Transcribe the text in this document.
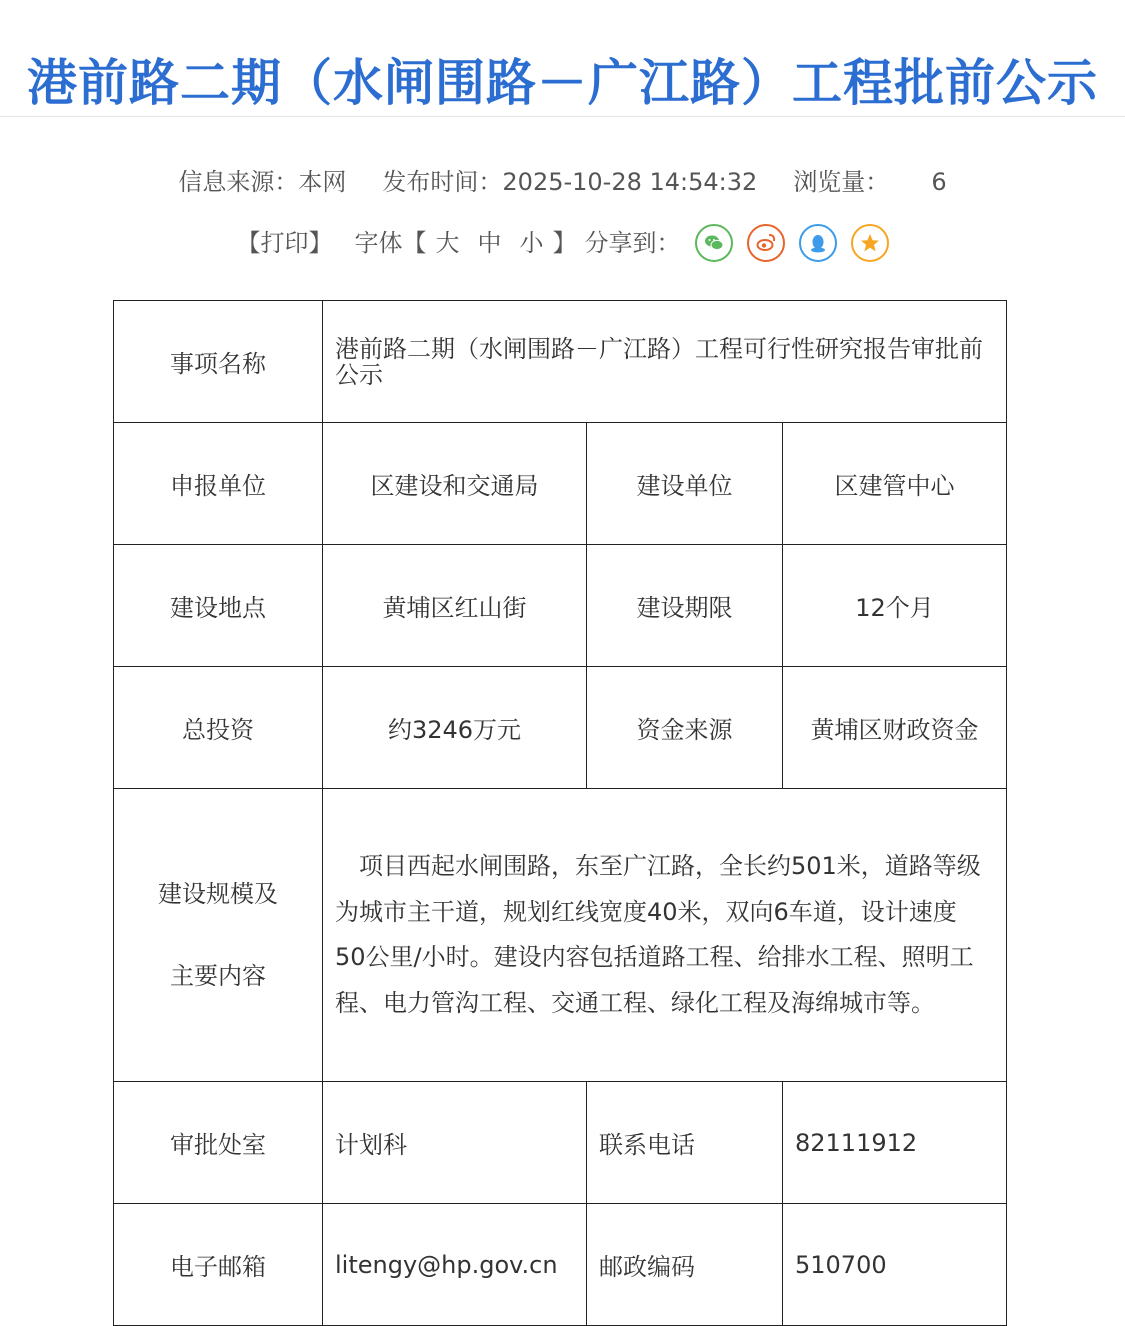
港前路二期（水闸围路－广江路）工程批前公示
信息来源：本网 发布时间：2025-10-28 14:54:32 浏览量： 6
【打印】 字体【 大 中 小 】 分享到：
事项名称	港前路二期（水闸围路－广江路）工程可行性研究报告审批前公示		
申报单位	区建设和交通局	建设单位	区建管中心
建设地点	黄埔区红山街	建设期限	12个月
总投资	约3246万元	资金来源	黄埔区财政资金

建设规模及
主要内容	项目西起水闸围路，东至广江路，全长约501米，道路等级为城市主干道，规划红线宽度40米，双向6车道，设计速度50公里/小时。建设内容包括道路工程、给排水工程、照明工程、电力管沟工程、交通工程、绿化工程及海绵城市等。		
审批处室	计划科	联系电话	82111912
电子邮箱	litengy@hp.gov.cn	邮政编码	510700
